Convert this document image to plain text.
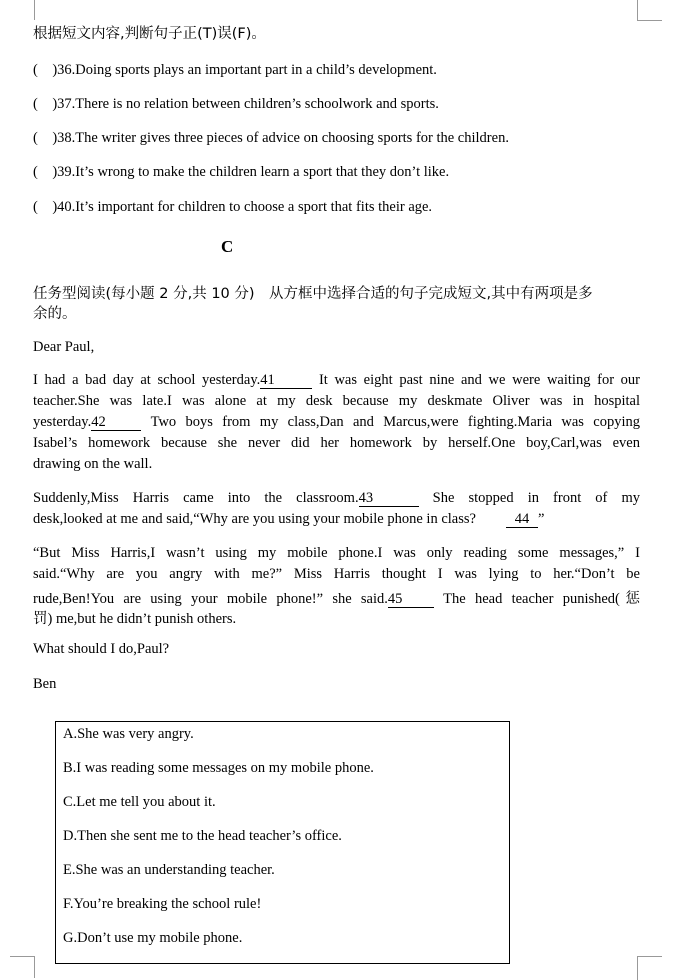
根据短文内容,判断句子正(T)误(F)。
(　)36.Doing sports plays an important part in a child’s development.
(　)37.There is no relation between children’s schoolwork and sports.
(　)38.The writer gives three pieces of advice on choosing sports for the children.
(　)39.It’s wrong to make the children learn a sport that they don’t like.
(　)40.It’s important for children to choose a sport that fits their age.
C
任务型阅读(每小题 2 分,共 10 分)　从方框中选择合适的句子完成短文,其中有两项是多
余的。
Dear Paul,
I had a bad day at school yesterday.41	It was eight past nine and we were waiting for our
teacher.She was late.I was alone at my desk because my deskmate Oliver was in hospital
yesterday.42	Two boys from my class,Dan and Marcus,were fighting.Maria was copying
Isabel’s homework because she never did her homework by herself.One boy,Carl,was even
drawing on the wall.
Suddenly,Miss Harris came into the classroom.43	She stopped in front of my
desk,looked at me and said,“Why are you using your mobile phone in class?	44 ”
“But Miss Harris,I wasn’t using my mobile phone.I was only reading some messages,” I
said.“Why are you angry with me?” Miss Harris thought I was lying to her.“Don’t be
rude,Ben!You are using your mobile phone!” she said.45	The head teacher punished(惩
罚) me,but he didn’t punish others.
What should I do,Paul?
Ben
A.She was very angry.
B.I was reading some messages on my mobile phone.
C.Let me tell you about it.
D.Then she sent me to the head teacher’s office.
E.She was an understanding teacher.
F.You’re breaking the school rule!
G.Don’t use my mobile phone.
